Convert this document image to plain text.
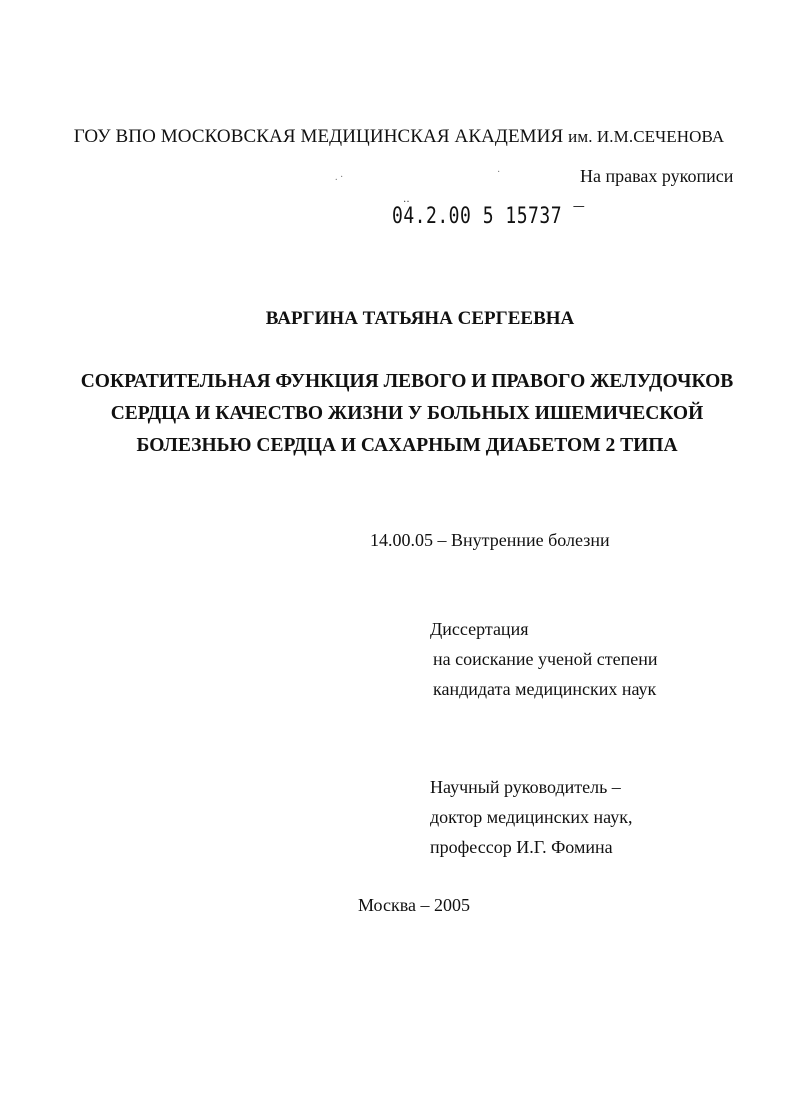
ГОУ ВПО МОСКОВСКАЯ МЕДИЦИНСКАЯ АКАДЕМИЯ им. И.М.СЕЧЕНОВА
. ·	·	На правах рукописи
‥
04.2.00 5 15737 ‾
ВАРГИНА ТАТЬЯНА СЕРГЕЕВНА
СОКРАТИТЕЛЬНАЯ ФУНКЦИЯ ЛЕВОГО И ПРАВОГО ЖЕЛУДОЧКОВ
СЕРДЦА И КАЧЕСТВО ЖИЗНИ У БОЛЬНЫХ ИШЕМИЧЕСКОЙ
БОЛЕЗНЬЮ СЕРДЦА И САХАРНЫМ ДИАБЕТОМ 2 ТИПА
14.00.05 – Внутренние болезни
Диссертация
на соискание ученой степени
кандидата медицинских наук
Научный руководитель –
доктор медицинских наук,
профессор И.Г. Фомина
Москва – 2005
